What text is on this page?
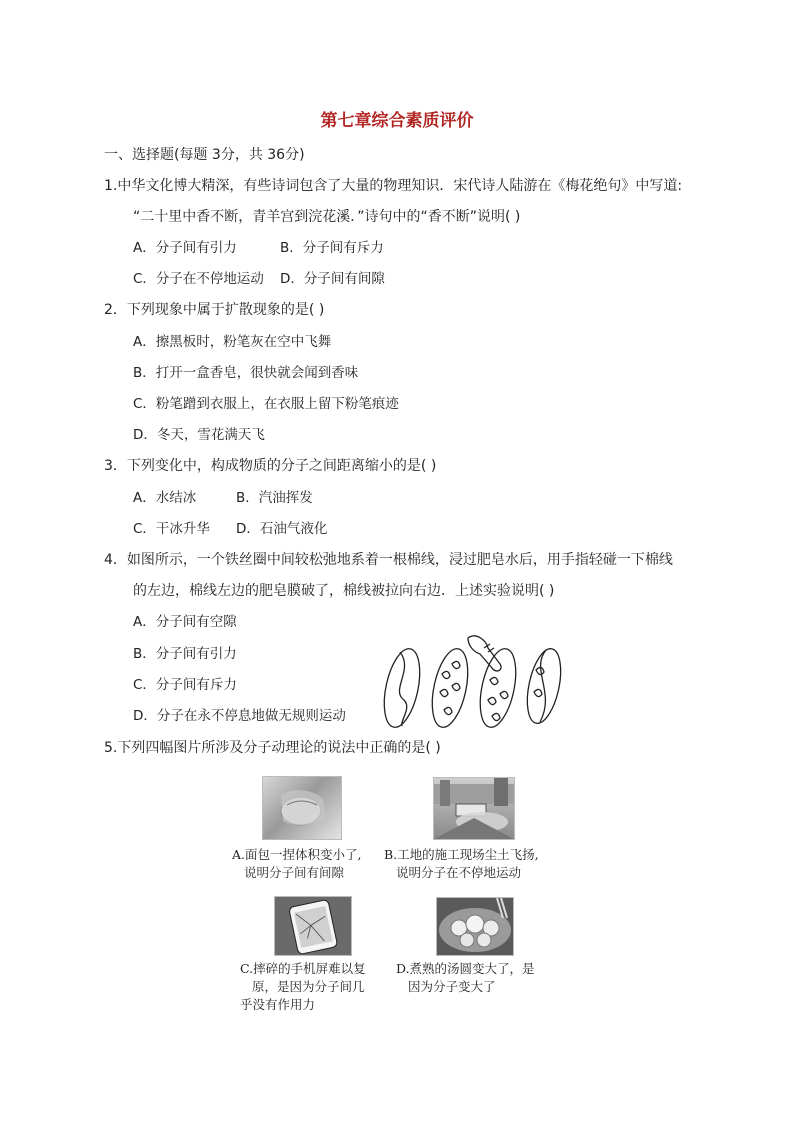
第七章综合素质评价
一、选择题(每题 3分，共 36分)
1.中华文化博大精深，有些诗词包含了大量的物理知识．宋代诗人陆游在《梅花绝句》中写道:
“二十里中香不断，青羊宫到浣花溪．”诗句中的“香不断”说明( )
A．分子间有引力	B．分子间有斥力
C．分子在不停地运动 D．分子间有间隙
2．下列现象中属于扩散现象的是( )
A．擦黑板时，粉笔灰在空中飞舞
B．打开一盒香皂，很快就会闻到香味
C．粉笔蹭到衣服上，在衣服上留下粉笔痕迹
D．冬天，雪花满天飞
3．下列变化中，构成物质的分子之间距离缩小的是( )
A．水结冰	B．汽油挥发
C．干冰升华 D．石油气液化
4．如图所示，一个铁丝圈中间较松弛地系着一根棉线，浸过肥皂水后，用手指轻碰一下棉线
的左边，棉线左边的肥皂膜破了，棉线被拉向右边．上述实验说明( )
A．分子间有空隙
B．分子间有引力
C．分子间有斥力
D．分子在永不停息地做无规则运动
5.下列四幅图片所涉及分子动理论的说法中正确的是( )
A.面包一捏体积变小了,
说明分子间有间隙
B.工地的施工现场尘土飞扬,
说明分子在不停地运动
C.摔碎的手机屏难以复
原，是因为分子间几
乎没有作用力
D.煮熟的汤圆变大了，是
因为分子变大了
